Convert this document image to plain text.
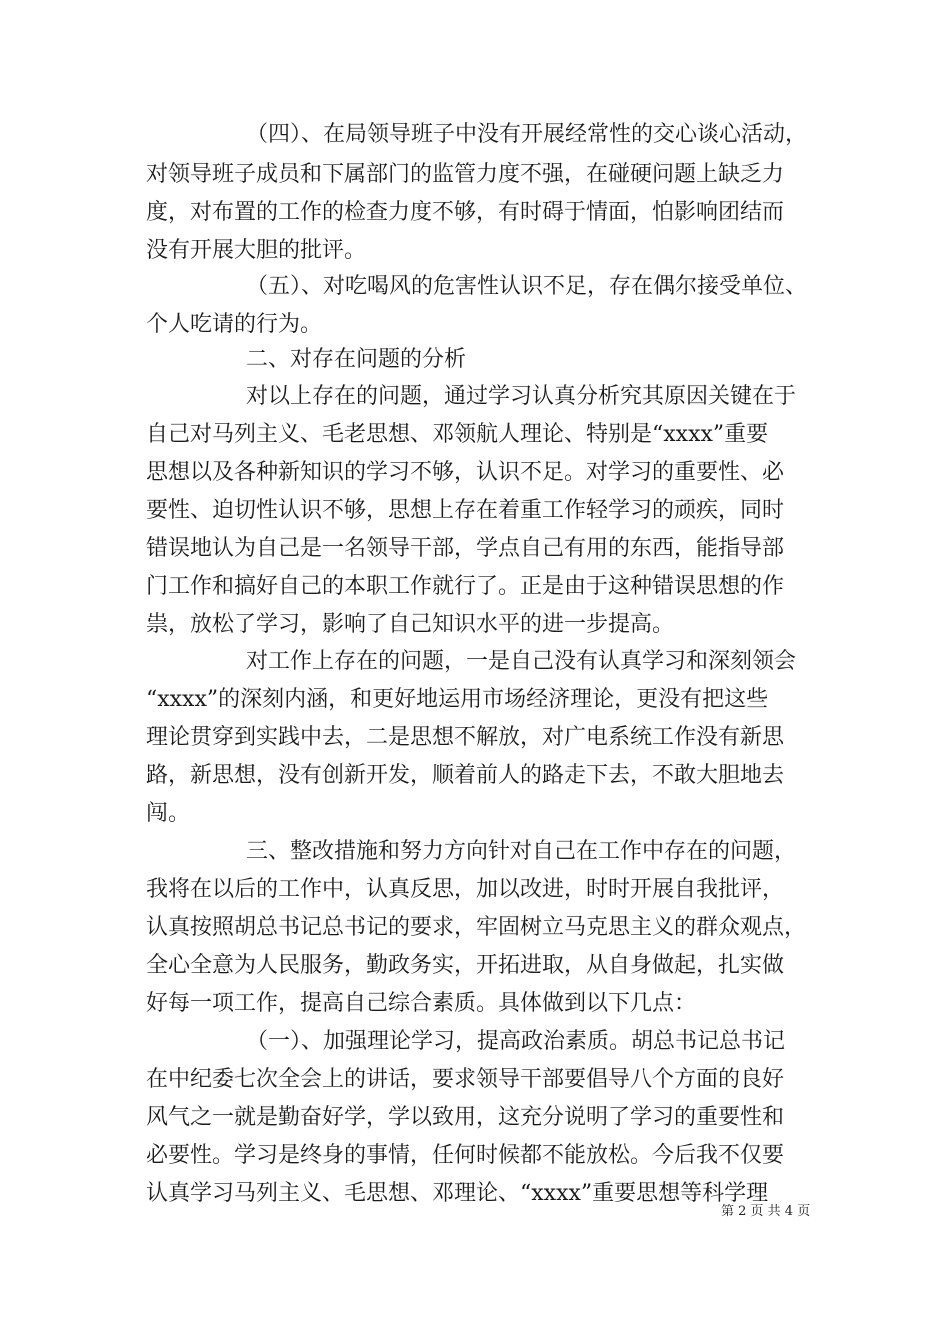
（四）、在局领导班子中没有开展经常性的交心谈心活动，
对领导班子成员和下属部门的监管力度不强，在碰硬问题上缺乏力
度，对布置的工作的检查力度不够，有时碍于情面，怕影响团结而
没有开展大胆的批评。
（五）、对吃喝风的危害性认识不足，存在偶尔接受单位、
个人吃请的行为。
二、对存在问题的分析
对以上存在的问题，通过学习认真分析究其原因关键在于
自己对马列主义、毛老思想、邓领航人理论、特别是“xxxx”重要
思想以及各种新知识的学习不够，认识不足。对学习的重要性、必
要性、迫切性认识不够，思想上存在着重工作轻学习的顽疾，同时
错误地认为自己是一名领导干部，学点自己有用的东西，能指导部
门工作和搞好自己的本职工作就行了。正是由于这种错误思想的作
祟，放松了学习，影响了自己知识水平的进一步提高。
对工作上存在的问题，一是自己没有认真学习和深刻领会
“xxxx”的深刻内涵，和更好地运用市场经济理论，更没有把这些
理论贯穿到实践中去，二是思想不解放，对广电系统工作没有新思
路，新思想，没有创新开发，顺着前人的路走下去，不敢大胆地去
闯。
三、整改措施和努力方向针对自己在工作中存在的问题，
我将在以后的工作中，认真反思，加以改进，时时开展自我批评，
认真按照胡总书记总书记的要求，牢固树立马克思主义的群众观点，
全心全意为人民服务，勤政务实，开拓进取，从自身做起，扎实做
好每一项工作，提高自己综合素质。具体做到以下几点：
（一）、加强理论学习，提高政治素质。胡总书记总书记
在中纪委七次全会上的讲话，要求领导干部要倡导八个方面的良好
风气之一就是勤奋好学，学以致用，这充分说明了学习的重要性和
必要性。学习是终身的事情，任何时候都不能放松。今后我不仅要
认真学习马列主义、毛思想、邓理论、“xxxx”重要思想等科学理
第 2 页 共 4 页
